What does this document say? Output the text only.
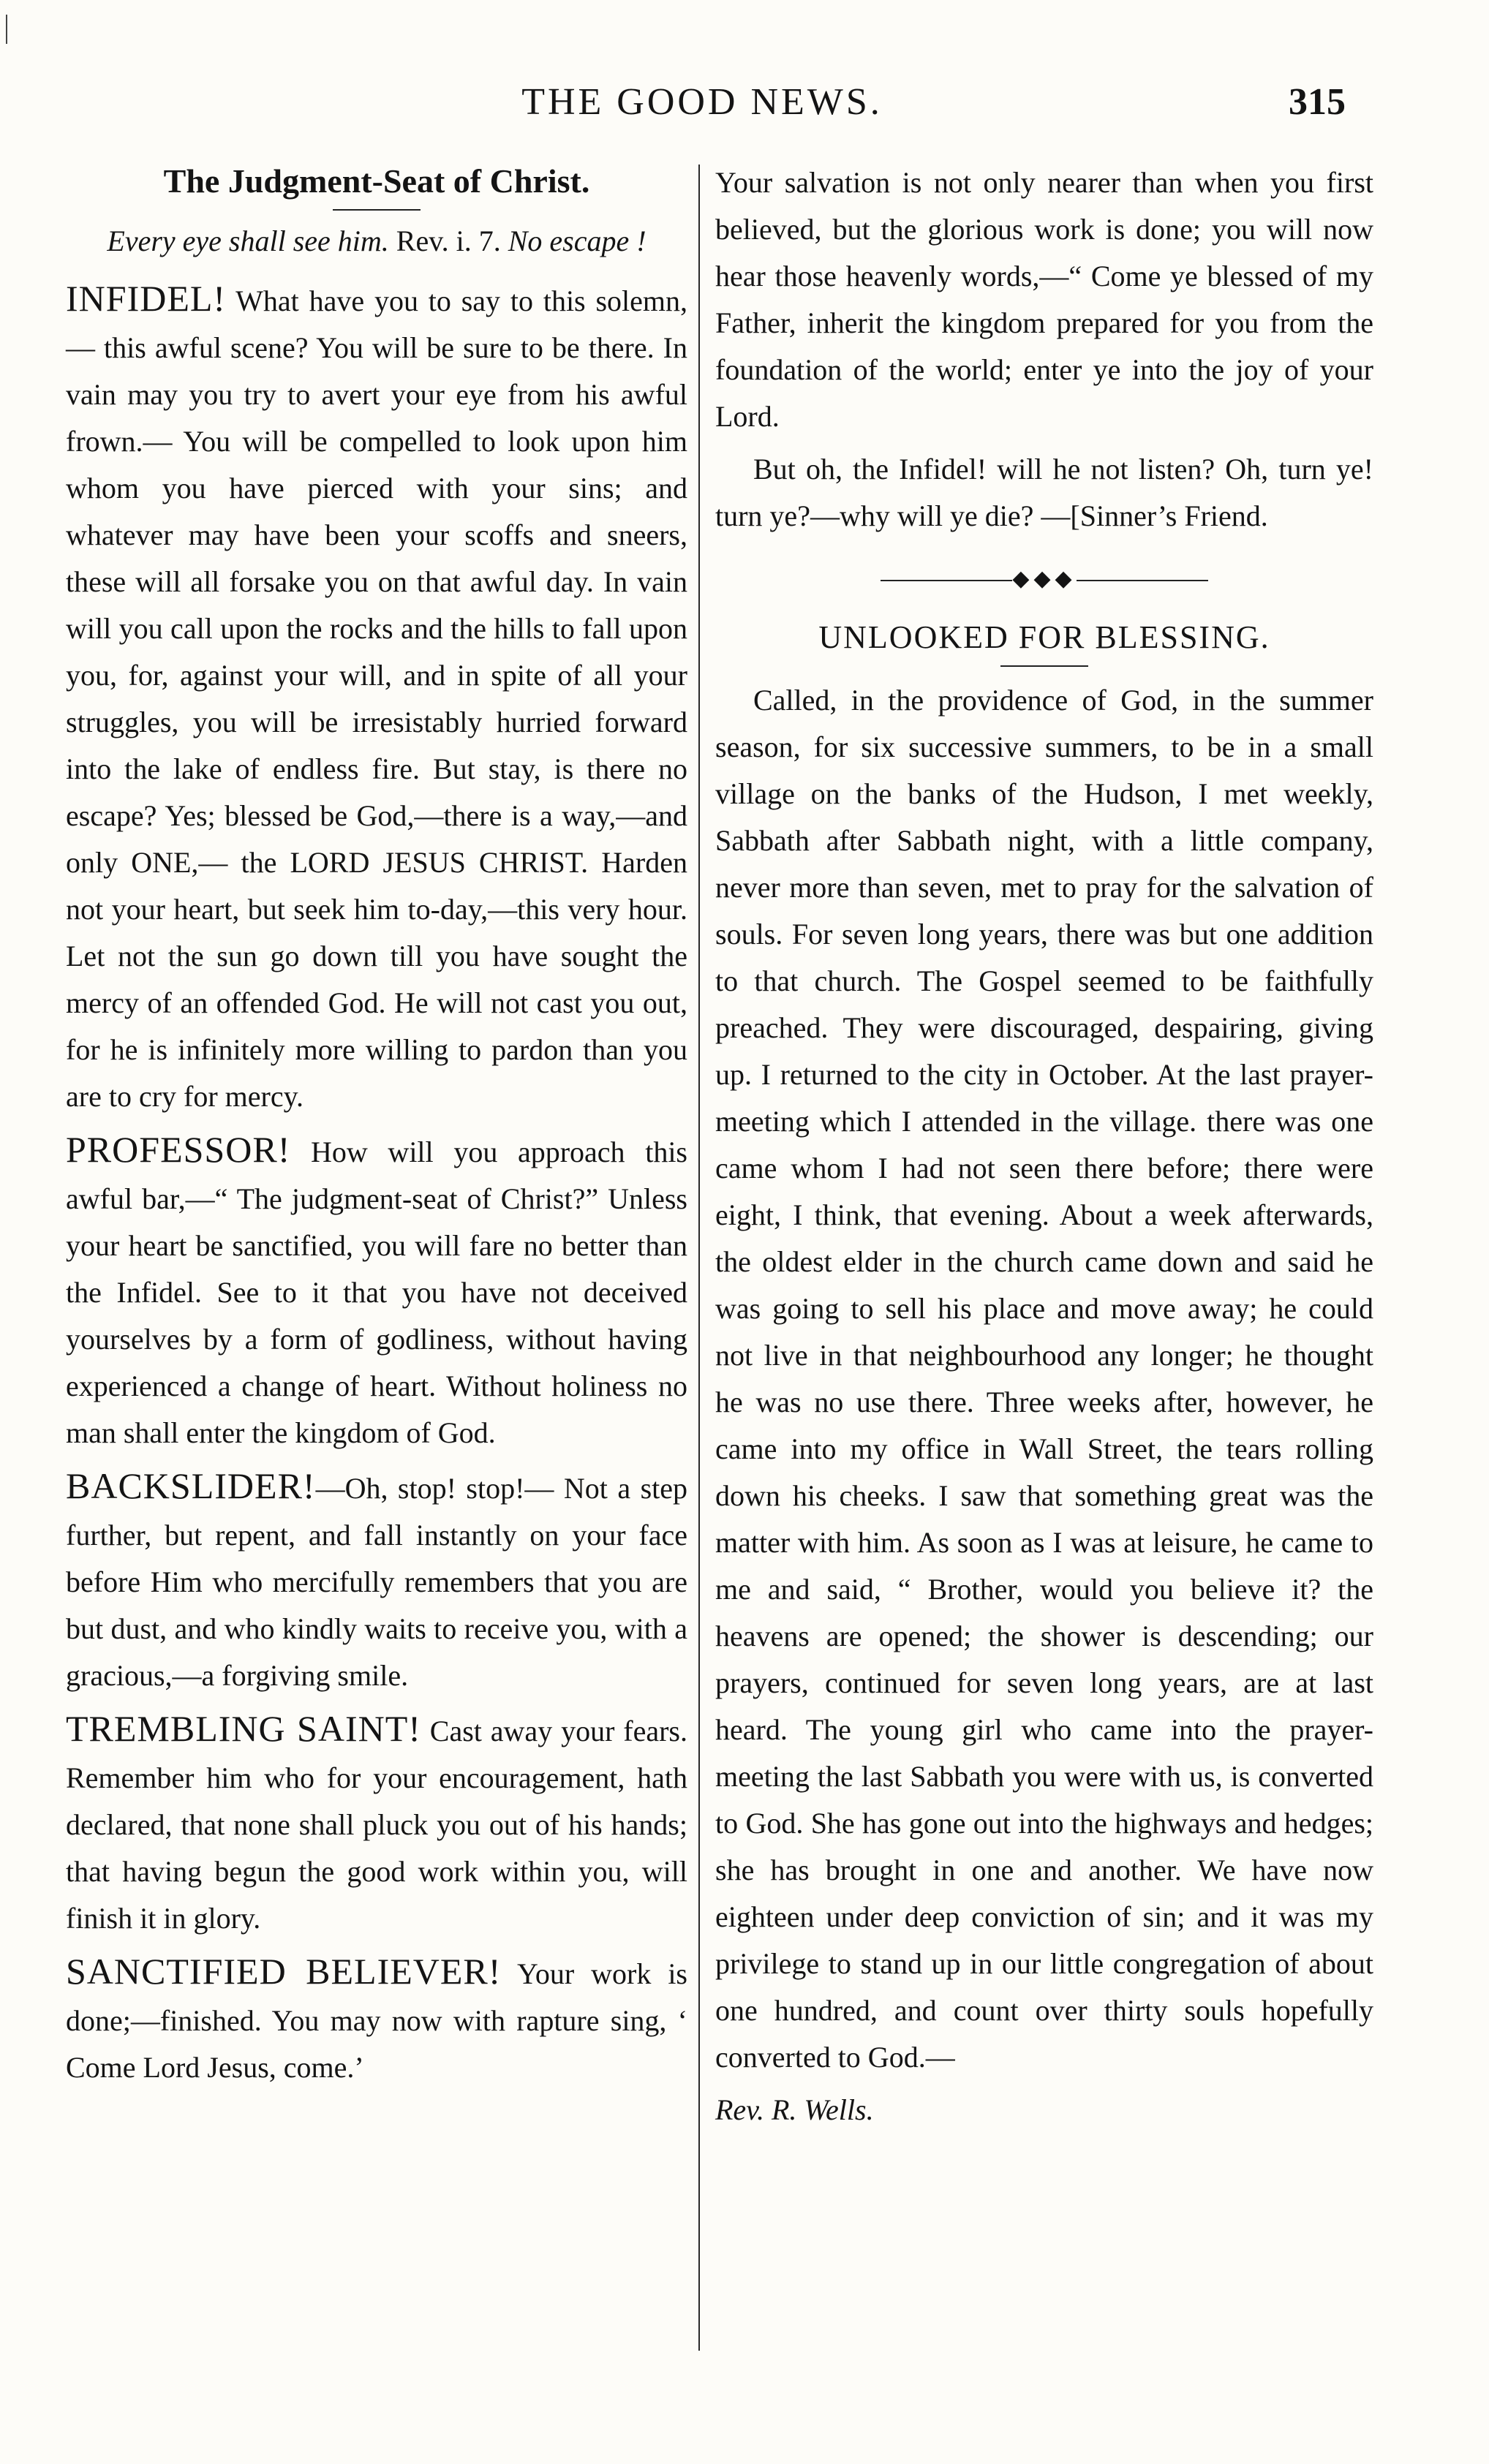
THE GOOD NEWS.	315
The Judgment-Seat of Christ.
Every eye shall see him. Rev. i. 7. No escape !

INFIDEL! What have you to say to this solemn,— this awful scene? You will be sure to be there. In vain may you try to avert your eye from his awful frown.— You will be compelled to look upon him whom you have pierced with your sins; and whatever may have been your scoffs and sneers, these will all forsake you on that awful day. In vain will you call upon the rocks and the hills to fall upon you, for, against your will, and in spite of all your struggles, you will be irresistably hurried forward into the lake of endless fire. But stay, is there no escape? Yes; blessed be God,—there is a way,—and only ONE,— the LORD JESUS CHRIST. Harden not your heart, but seek him to-day,—this very hour. Let not the sun go down till you have sought the mercy of an offended God. He will not cast you out, for he is infinitely more willing to pardon than you are to cry for mercy.

PROFESSOR! How will you approach this awful bar,—“ The judgment-seat of Christ?” Unless your heart be sanctified, you will fare no better than the Infidel. See to it that you have not deceived yourselves by a form of godliness, without having experienced a change of heart. Without holiness no man shall enter the kingdom of God.

BACKSLIDER!—Oh, stop! stop!— Not a step further, but repent, and fall instantly on your face before Him who mercifully remembers that you are but dust, and who kindly waits to receive you, with a gracious,—a forgiving smile.

TREMBLING SAINT! Cast away your fears. Remember him who for your encouragement, hath declared, that none shall pluck you out of his hands; that having begun the good work within you, will finish it in glory.

SANCTIFIED BELIEVER! Your work is done;—finished. You may now with rapture sing, ‘ Come Lord Jesus, come.’

Your salvation is not only nearer than when you first believed, but the glorious work is done; you will now hear those heavenly words,—“ Come ye blessed of my Father, inherit the kingdom prepared for you from the foundation of the world; enter ye into the joy of your Lord.

But oh, the Infidel! will he not listen? Oh, turn ye! turn ye?—why will ye die? —[Sinner’s Friend.

◆◆◆
UNLOOKED FOR BLESSING.

Called, in the providence of God, in the summer season, for six successive summers, to be in a small village on the banks of the Hudson, I met weekly, Sabbath after Sabbath night, with a little company, never more than seven, met to pray for the salvation of souls. For seven long years, there was but one addition to that church. The Gospel seemed to be faithfully preached. They were discouraged, despairing, giving up. I returned to the city in October. At the last prayer-meeting which I attended in the village. there was one came whom I had not seen there before; there were eight, I think, that evening. About a week afterwards, the oldest elder in the church came down and said he was going to sell his place and move away; he could not live in that neighbourhood any longer; he thought he was no use there. Three weeks after, however, he came into my office in Wall Street, the tears rolling down his cheeks. I saw that something great was the matter with him. As soon as I was at leisure, he came to me and said, “ Brother, would you believe it? the heavens are opened; the shower is descending; our prayers, continued for seven long years, are at last heard. The young girl who came into the prayer-meeting the last Sabbath you were with us, is converted to God. She has gone out into the highways and hedges; she has brought in one and another. We have now eighteen under deep conviction of sin; and it was my privilege to stand up in our little congregation of about one hundred, and count over thirty souls hopefully converted to God.—

Rev. R. Wells.
